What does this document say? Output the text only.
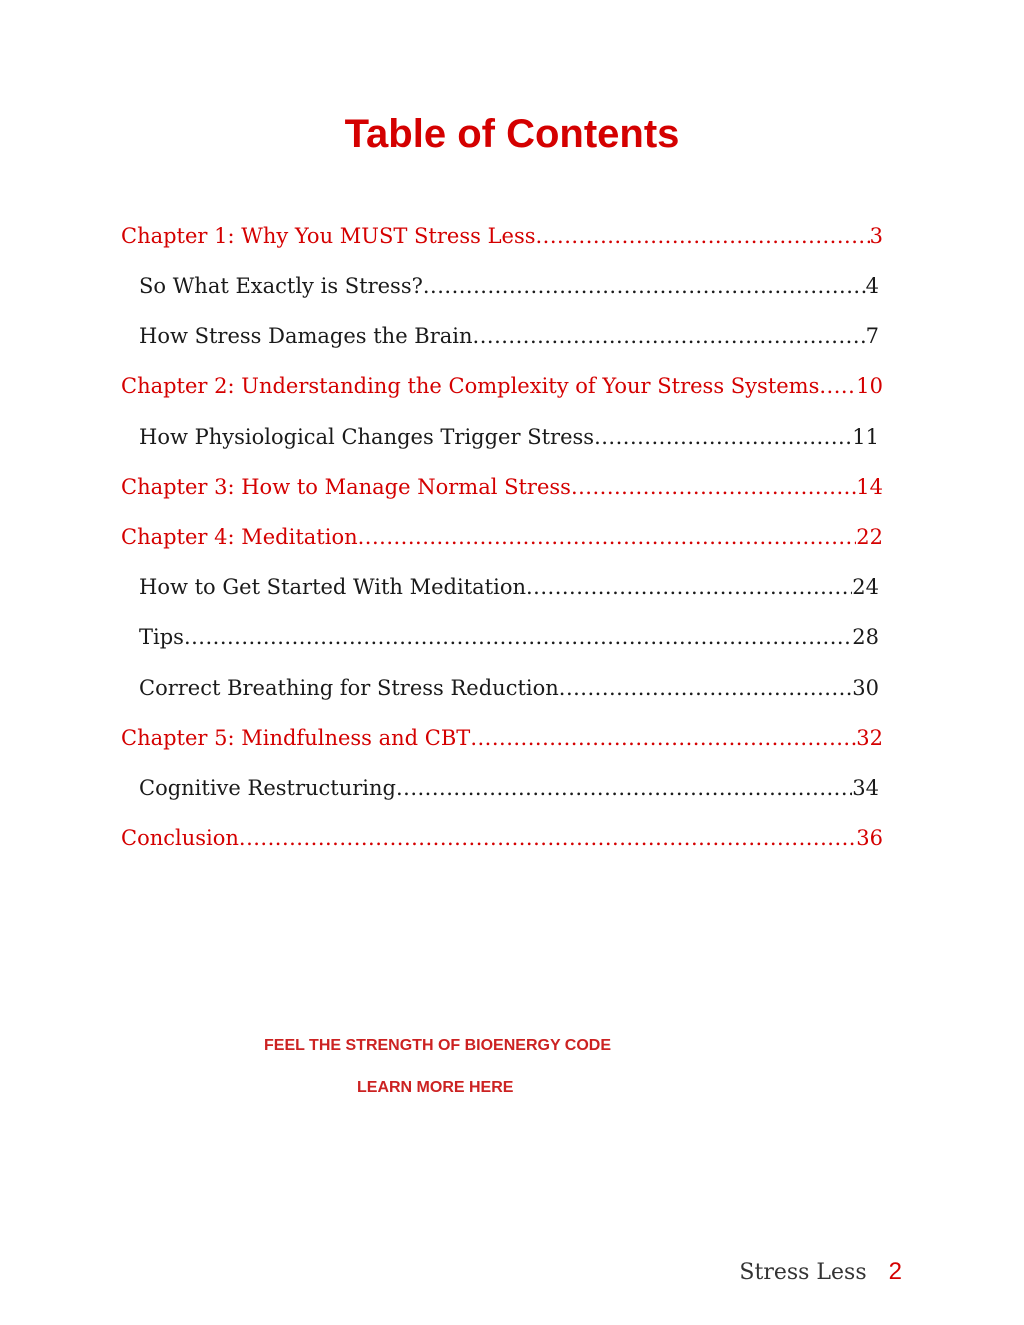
Table of Contents
Chapter 1: Why You MUST Stress Less .....	3
So What Exactly is Stress? .....	4
How Stress Damages the Brain .....	7
Chapter 2: Understanding the Complexity of Your Stress Systems ..... 10
How Physiological Changes Trigger Stress .....	11
Chapter 3: How to Manage Normal Stress .....	14
Chapter 4: Meditation .....	22
How to Get Started With Meditation .....	24
Tips .....	28
Correct Breathing for Stress Reduction .....	30
Chapter 5: Mindfulness and CBT .....	32
Cognitive Restructuring .....	34
Conclusion .....	36
FEEL THE STRENGTH OF BIOENERGY CODE
LEARN MORE HERE
Stress Less 2
